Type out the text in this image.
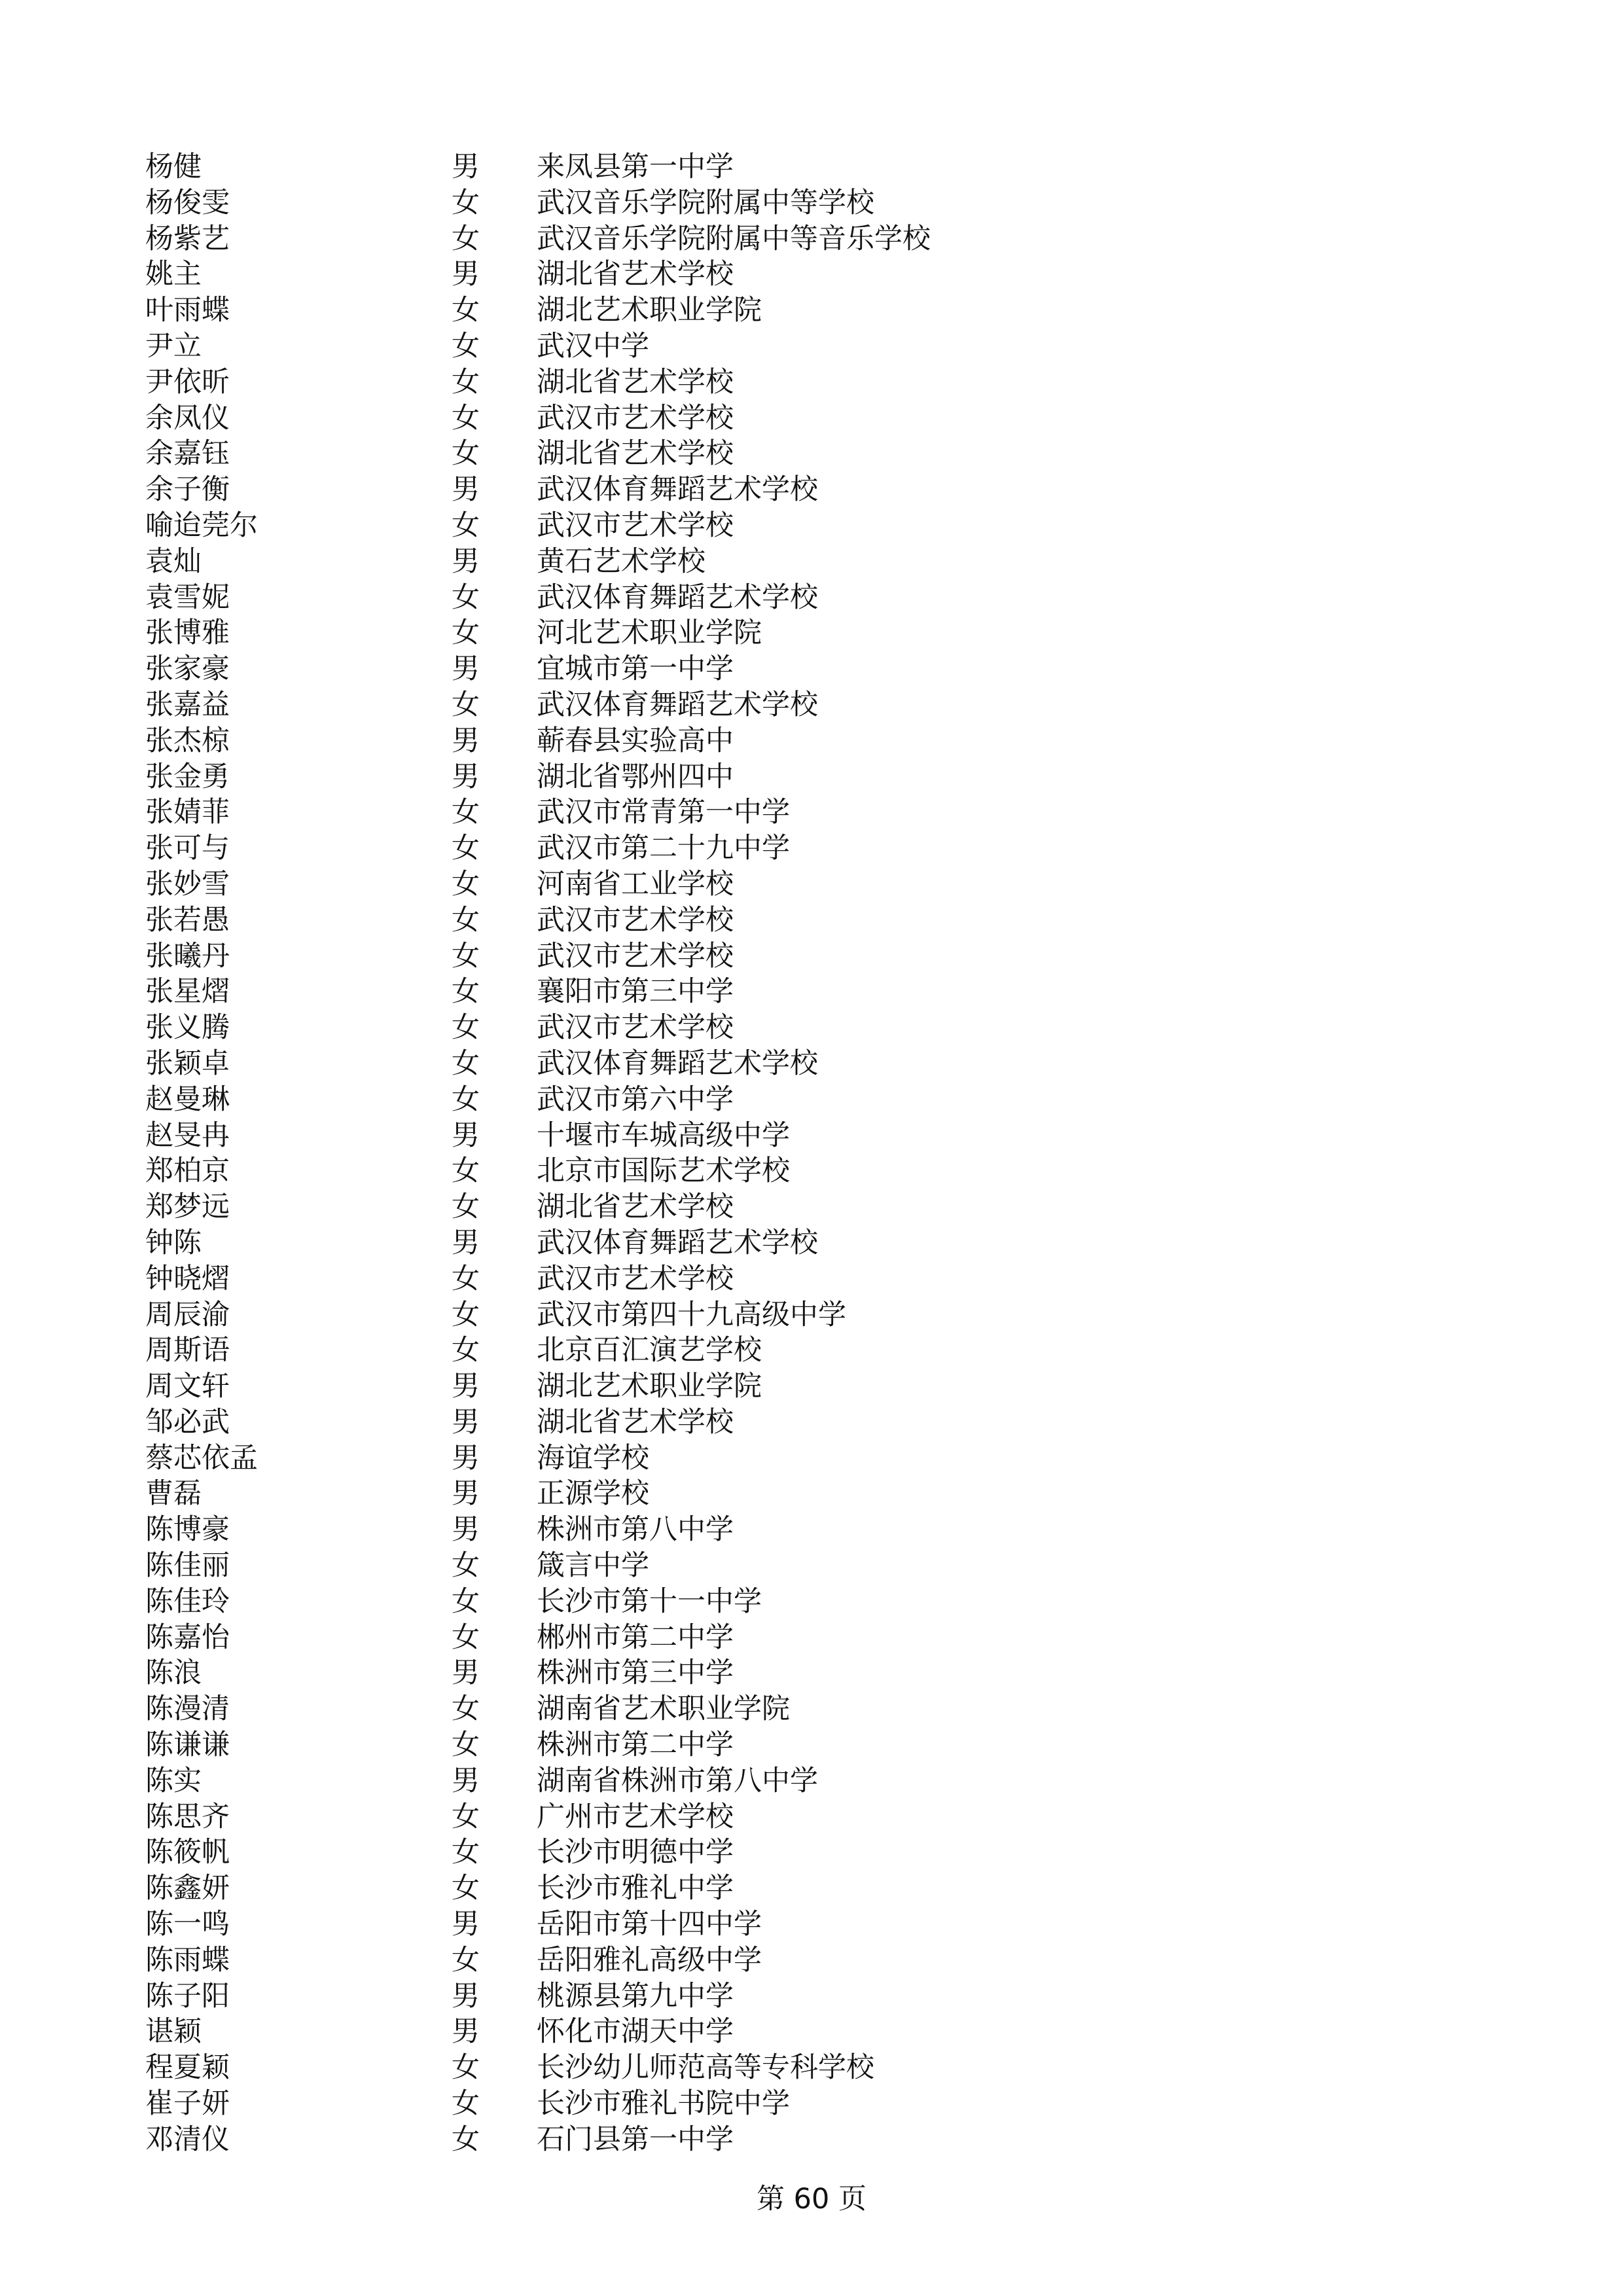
杨健	男 来凤县第一中学
杨俊雯	女 武汉音乐学院附属中等学校
杨紫艺	女 武汉音乐学院附属中等音乐学校
姚主	男 湖北省艺术学校
叶雨蝶	女 湖北艺术职业学院
尹立	女 武汉中学
尹依昕	女 湖北省艺术学校
余凤仪	女 武汉市艺术学校
余嘉钰	女 湖北省艺术学校
余子衡	男 武汉体育舞蹈艺术学校
喻迨莞尔	女 武汉市艺术学校
袁灿	男 黄石艺术学校
袁雪妮	女 武汉体育舞蹈艺术学校
张博雅	女 河北艺术职业学院
张家豪	男 宜城市第一中学
张嘉益	女 武汉体育舞蹈艺术学校
张杰椋	男 蕲春县实验高中
张金勇	男 湖北省鄂州四中
张婧菲	女 武汉市常青第一中学
张可与	女 武汉市第二十九中学
张妙雪	女 河南省工业学校
张若愚	女 武汉市艺术学校
张曦丹	女 武汉市艺术学校
张星熠	女 襄阳市第三中学
张义腾	女 武汉市艺术学校
张颖卓	女 武汉体育舞蹈艺术学校
赵曼琳	女 武汉市第六中学
赵旻冉	男 十堰市车城高级中学
郑柏京	女 北京市国际艺术学校
郑梦远	女 湖北省艺术学校
钟陈	男 武汉体育舞蹈艺术学校
钟晓熠	女 武汉市艺术学校
周辰渝	女 武汉市第四十九高级中学
周斯语	女 北京百汇演艺学校
周文轩	男 湖北艺术职业学院
邹必武	男 湖北省艺术学校
蔡芯依孟	男 海谊学校
曹磊	男 正源学校
陈博豪	男 株洲市第八中学
陈佳丽	女 箴言中学
陈佳玲	女 长沙市第十一中学
陈嘉怡	女 郴州市第二中学
陈浪	男 株洲市第三中学
陈漫清	女 湖南省艺术职业学院
陈谦谦	女 株洲市第二中学
陈实	男 湖南省株洲市第八中学
陈思齐	女 广州市艺术学校
陈筱帆	女 长沙市明德中学
陈鑫妍	女 长沙市雅礼中学
陈一鸣	男 岳阳市第十四中学
陈雨蝶	女 岳阳雅礼高级中学
陈子阳	男 桃源县第九中学
谌颖	男 怀化市湖天中学
程夏颖	女 长沙幼儿师范高等专科学校
崔子妍	女 长沙市雅礼书院中学
邓清仪	女 石门县第一中学
第 60 页
